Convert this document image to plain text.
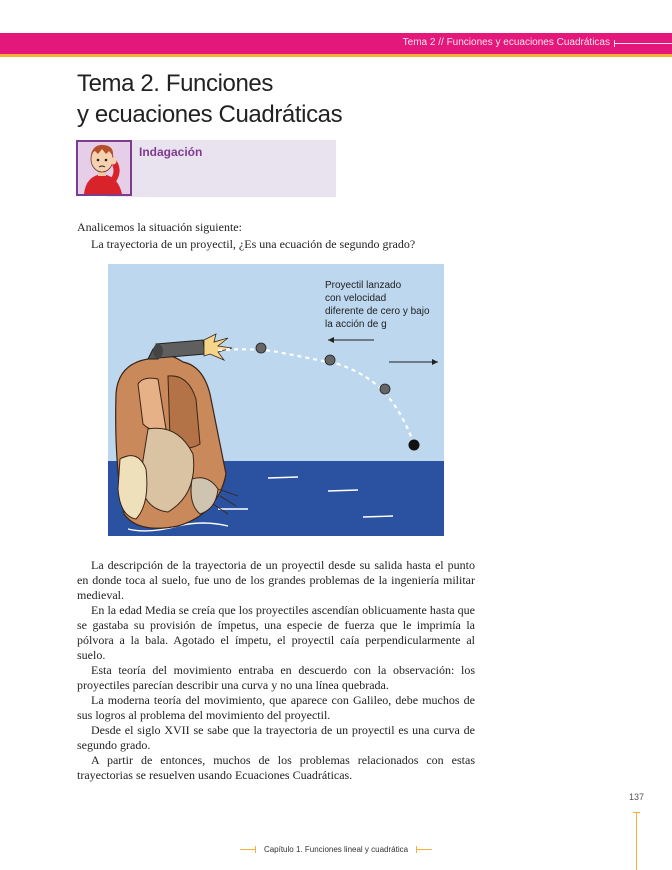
Tema 2 // Funciones y ecuaciones Cuadráticas
Tema 2. Funciones
y ecuaciones Cuadráticas
Indagación

Analicemos la situación siguiente:

La trayectoria de un proyectil, ¿Es una ecuación de segundo grado?

Proyectil lanzado
con velocidad
diferente de cero y bajo
la acción de g

La descripción de la trayectoria de un proyectil desde su salida hasta el punto en donde toca al suelo, fue uno de los grandes problemas de la ingeniería militar medieval.

En la edad Media se creía que los proyectiles ascendían oblicuamente hasta que se gastaba su provisión de ímpetus, una especie de fuerza que le imprimía la pólvora a la bala. Agotado el ímpetu, el proyectil caía perpendicularmente al suelo.

Esta teoría del movimiento entraba en descuerdo con la observación: los proyectiles parecían describir una curva y no una línea quebrada.

La moderna teoría del movimiento, que aparece con Galileo, debe muchos de sus logros al problema del movimiento del proyectil.

Desde el siglo XVII se sabe que la trayectoria de un proyectil es una curva de segundo grado.

A partir de entonces, muchos de los problemas relacionados con estas trayectorias se resuelven usando Ecuaciones Cuadráticas.

137
Capítulo 1. Funciones lineal y cuadrática
